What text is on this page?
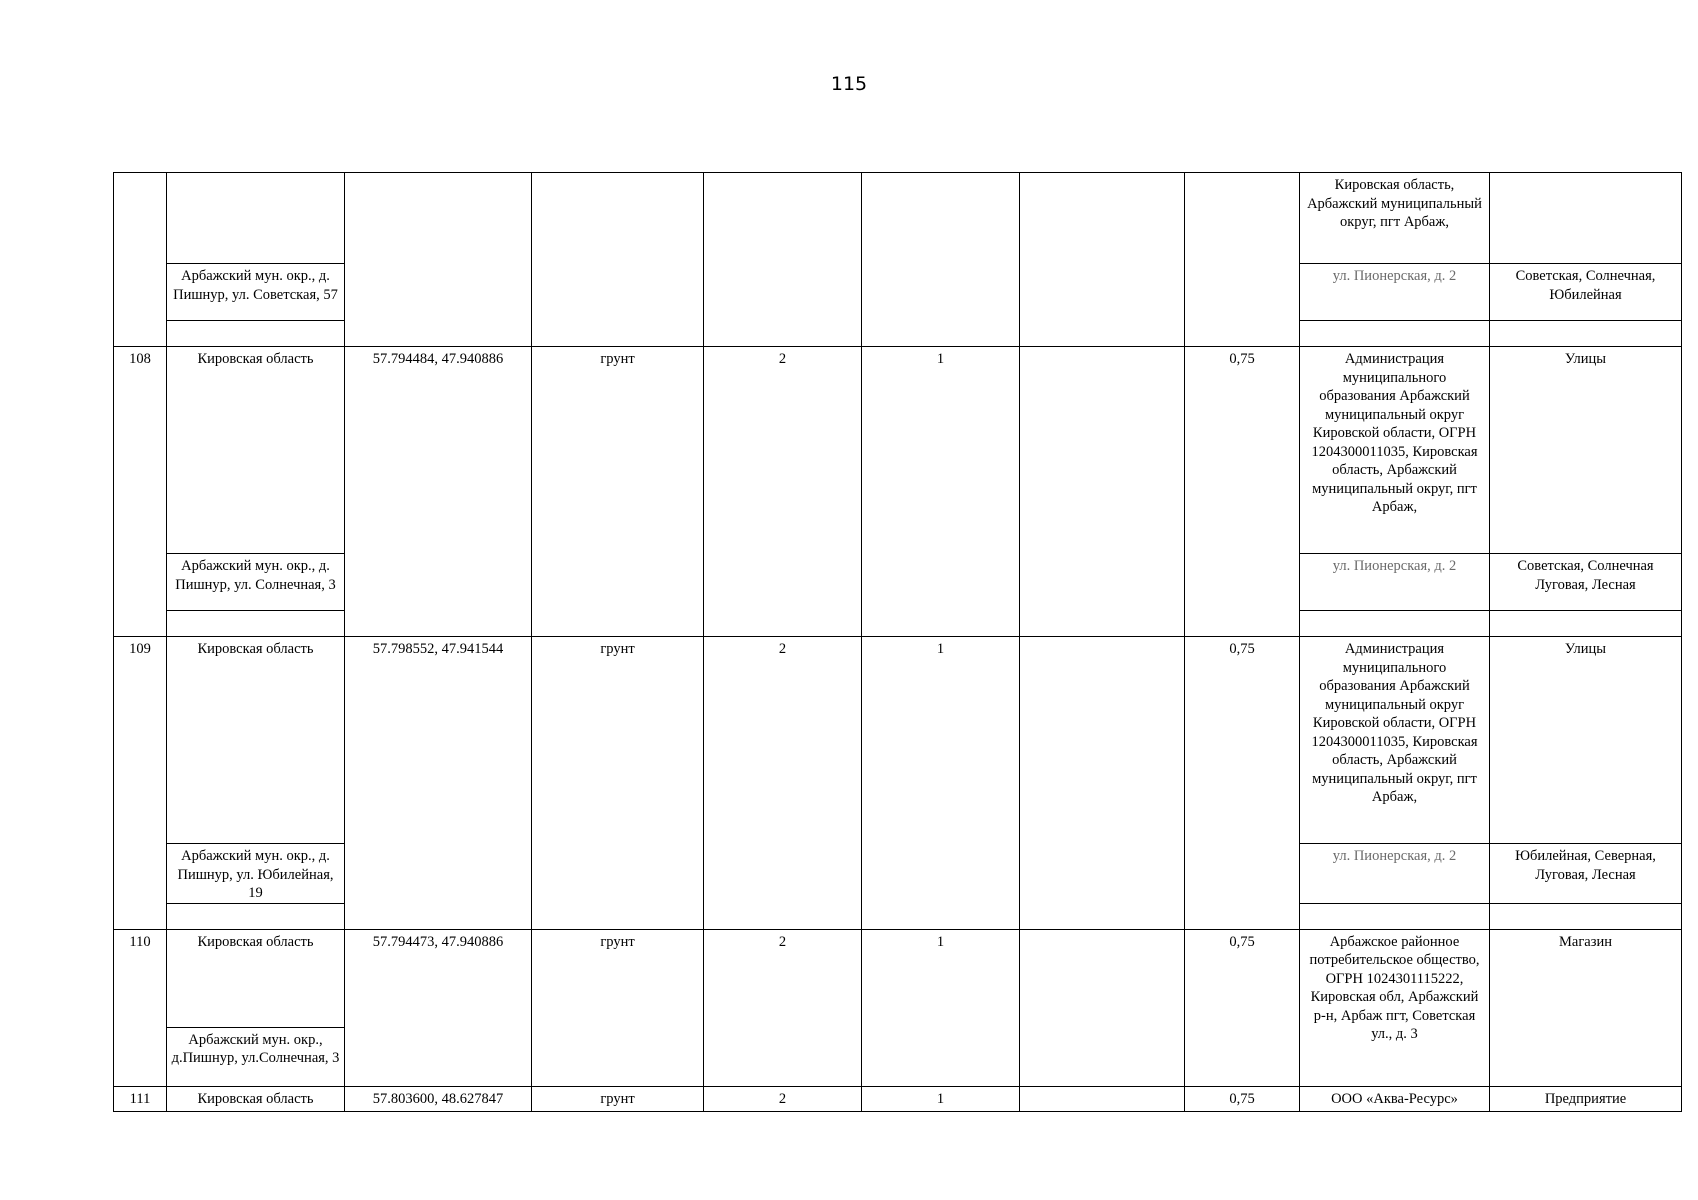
115
								Кировская область, Арбажский муниципальный округ, пгт Арбаж,	
	Арбажский мун. окр., д. Пишнур, ул. Советская, 57							ул. Пионерская, д. 2	Советская, Солнечная, Юбилейная

108	Кировская область	57.794484, 47.940886	грунт	2	1		0,75	Администрация муниципального образования Арбажский муниципальный округ Кировской области, ОГРН 1204300011035, Кировская область, Арбажский муниципальный округ, пгт Арбаж,	Улицы
	Арбажский мун. окр., д. Пишнур, ул. Солнечная, 3							ул. Пионерская, д. 2	Советская, Солнечная Луговая, Лесная

109	Кировская область	57.798552, 47.941544	грунт	2	1		0,75	Администрация муниципального образования Арбажский муниципальный округ Кировской области, ОГРН 1204300011035, Кировская область, Арбажский муниципальный округ, пгт Арбаж,	Улицы
	Арбажский мун. окр., д. Пишнур, ул. Юбилейная, 19							ул. Пионерская, д. 2	Юбилейная, Северная, Луговая, Лесная

110	Кировская область	57.794473, 47.940886	грунт	2	1		0,75	Арбажское районное потребительское общество, ОГРН 1024301115222, Кировская обл, Арбажский р-н, Арбаж пгт, Советская ул., д. 3	Магазин
	Арбажский мун. окр., д.Пишнур, ул.Солнечная, 3								
111	Кировская область	57.803600, 48.627847	грунт	2	1		0,75	ООО «Аква-Ресурс»	Предприятие
